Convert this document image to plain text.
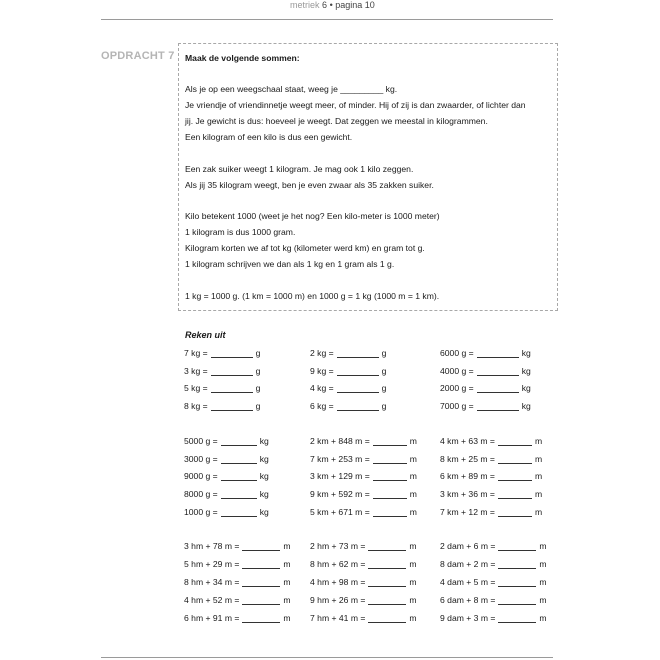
metriek 6 • pagina 10
OPDRACHT 7 Maak de volgende sommen:
Als je op een weegschaal staat, weeg je _________ kg.
Je vriendje of vriendinnetje weegt meer, of minder. Hij of zij is dan zwaarder, of lichter dan
jij. Je gewicht is dus: hoeveel je weegt. Dat zeggen we meestal in kilogrammen.
Een kilogram of een kilo is dus een gewicht.
Een zak suiker weegt 1 kilogram. Je mag ook 1 kilo zeggen.
Als jij 35 kilogram weegt, ben je even zwaar als 35 zakken suiker.
Kilo betekent 1000 (weet je het nog? Een kilo-meter is 1000 meter)
1 kilogram is dus 1000 gram.
Kilogram korten we af tot kg (kilometer werd km) en gram tot g.
1 kilogram schrijven we dan als 1 kg en 1 gram als 1 g.
1 kg = 1000 g. (1 km = 1000 m) en 1000 g = 1 kg (1000 m = 1 km).
Reken uit
7 kg =	g	2 kg =	g	6000 g =	kg
3 kg =	g	9 kg =	g	4000 g =	kg
5 kg =	g	4 kg =	g	2000 g =	kg
8 kg =	g	6 kg =	g	7000 g =	kg
5000 g =	kg	2 km + 848 m =	m	4 km + 63 m =	m
3000 g =	kg	7 km + 253 m =	m	8 km + 25 m =	m
9000 g =	kg	3 km + 129 m =	m	6 km + 89 m =	m
8000 g =	kg	9 km + 592 m =	m	3 km + 36 m =	m
1000 g =	kg	5 km + 671 m =	m	7 km + 12 m =	m
3 hm + 78 m =	m 2 hm + 73 m =	m	2 dam + 6 m =	m
5 hm + 29 m =	m 8 hm + 62 m =	m	8 dam + 2 m =	m
8 hm + 34 m =	m 4 hm + 98 m =	m	4 dam + 5 m =	m
4 hm + 52 m =	m 9 hm + 26 m =	m	6 dam + 8 m =	m
6 hm + 91 m =	m 7 hm + 41 m =	m	9 dam + 3 m =	m
